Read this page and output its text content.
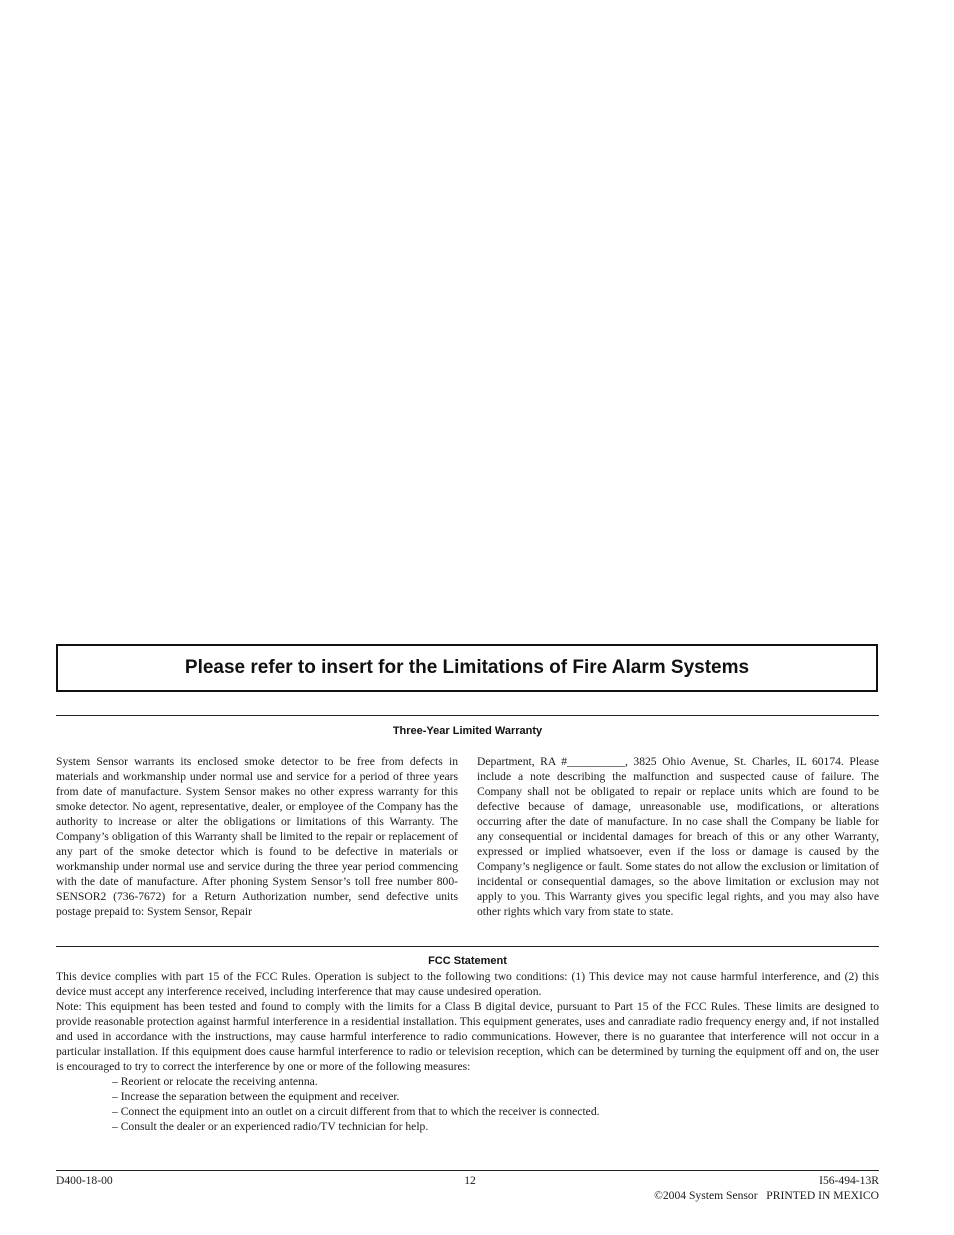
Please refer to insert for the Limitations of Fire Alarm Systems
Three-Year Limited Warranty
System Sensor warrants its enclosed smoke detector to be free from defects in materials and workmanship under normal use and service for a period of three years from date of manufacture. System Sensor makes no other express warranty for this smoke detector. No agent, representative, dealer, or employee of the Company has the authority to increase or alter the obligations or limitations of this Warranty. The Company’s obligation of this Warranty shall be limited to the repair or replacement of any part of the smoke detector which is found to be defective in materials or workmanship under normal use and service during the three year period commencing with the date of manufacture. After phoning System Sensor’s toll free number 800-SENSOR2 (736-7672) for a Return Authorization number, send defective units postage prepaid to: System Sensor, Repair
Department, RA #__________, 3825 Ohio Avenue, St. Charles, IL 60174. Please include a note describing the malfunction and suspected cause of failure. The Company shall not be obligated to repair or replace units which are found to be defective because of damage, unreasonable use, modifications, or alterations occurring after the date of manufacture. In no case shall the Company be liable for any consequential or incidental damages for breach of this or any other Warranty, expressed or implied whatsoever, even if the loss or damage is caused by the Company’s negligence or fault. Some states do not allow the exclusion or limitation of incidental or consequential damages, so the above limitation or exclusion may not apply to you. This Warranty gives you specific legal rights, and you may also have other rights which vary from state to state.
FCC Statement

This device complies with part 15 of the FCC Rules. Operation is subject to the following two conditions: (1) This device may not cause harmful interference, and (2) this device must accept any interference received, including interference that may cause undesired operation.

Note: This equipment has been tested and found to comply with the limits for a Class B digital device, pursuant to Part 15 of the FCC Rules. These limits are designed to provide reasonable protection against harmful interference in a residential installation. This equipment generates, uses and canradiate radio frequency energy and, if not installed and used in accordance with the instructions, may cause harmful interference to radio communications. However, there is no guarantee that interference will not occur in a particular installation. If this equipment does cause harmful interference to radio or television reception, which can be determined by turning the equipment off and on, the user is encouraged to try to correct the interference by one or more of the following measures:

– Reorient or relocate the receiving antenna.
– Increase the separation between the equipment and receiver.
– Connect the equipment into an outlet on a circuit different from that to which the receiver is connected.
– Consult the dealer or an experienced radio/TV technician for help.
D400-18-00	12	I56-494-13R
©2004 System Sensor PRINTED IN MEXICO
